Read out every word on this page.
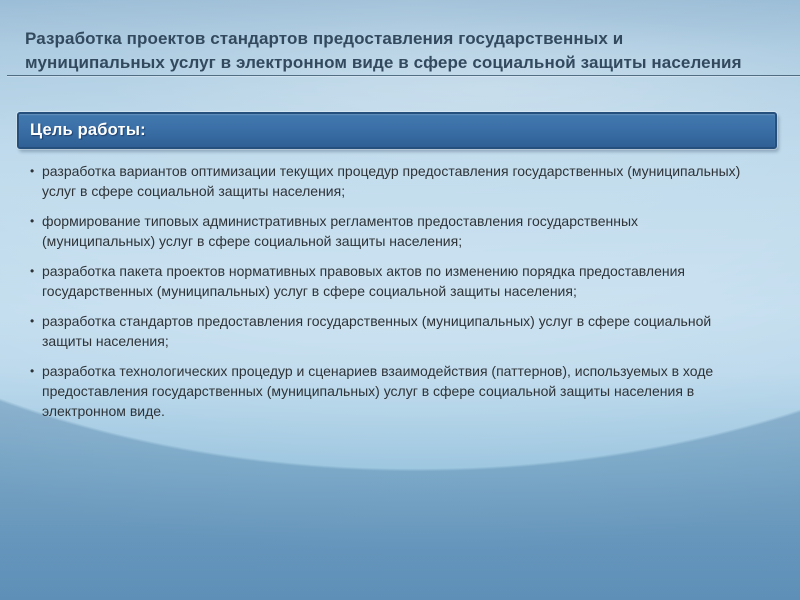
Разработка проектов стандартов предоставления государственных и
муниципальных услуг в электронном виде в сфере социальной защиты населения
Цель работы:
• разработка вариантов оптимизации текущих процедур предоставления государственных (муниципальных) услуг в сфере социальной защиты населения;
• формирование типовых административных регламентов предоставления государственных (муниципальных) услуг в сфере социальной защиты населения;
• разработка пакета проектов нормативных правовых актов по изменению порядка предоставления государственных (муниципальных) услуг в сфере социальной защиты населения;
• разработка стандартов предоставления государственных (муниципальных) услуг в сфере социальной защиты населения;
• разработка технологических процедур и сценариев взаимодействия (паттернов), используемых в ходе предоставления государственных (муниципальных) услуг в сфере социальной защиты населения в электронном виде.
